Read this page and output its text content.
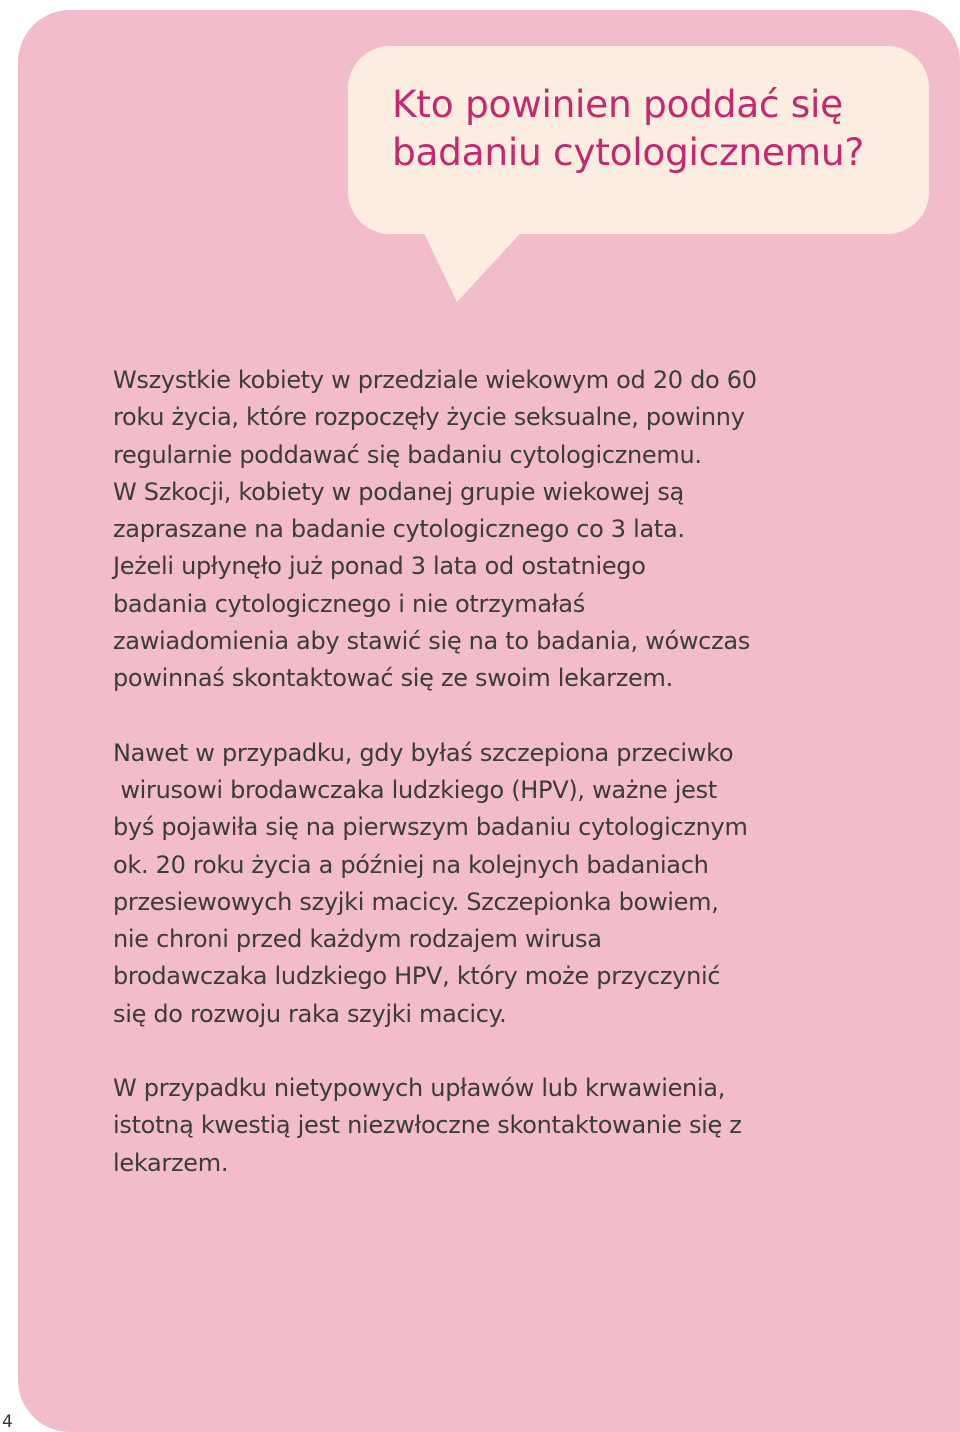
Kto powinien poddać się
badaniu cytologicznemu?

Wszystkie kobiety w przedziale wiekowym od 20 do 60
roku życia, które rozpoczęły życie seksualne, powinny
regularnie poddawać się badaniu cytologicznemu.
W Szkocji, kobiety w podanej grupie wiekowej są
zapraszane na badanie cytologicznego co 3 lata.
Jeżeli upłynęło już ponad 3 lata od ostatniego
badania cytologicznego i nie otrzymałaś
zawiadomienia aby stawić się na to badania, wówczas
powinnaś skontaktować się ze swoim lekarzem.

Nawet w przypadku, gdy byłaś szczepiona przeciwko
wirusowi brodawczaka ludzkiego (HPV), ważne jest
byś pojawiła się na pierwszym badaniu cytologicznym
ok. 20 roku życia a później na kolejnych badaniach
przesiewowych szyjki macicy. Szczepionka bowiem,
nie chroni przed każdym rodzajem wirusa
brodawczaka ludzkiego HPV, który może przyczynić
się do rozwoju raka szyjki macicy.

W przypadku nietypowych upławów lub krwawienia,
istotną kwestią jest niezwłoczne skontaktowanie się z
lekarzem.

4
